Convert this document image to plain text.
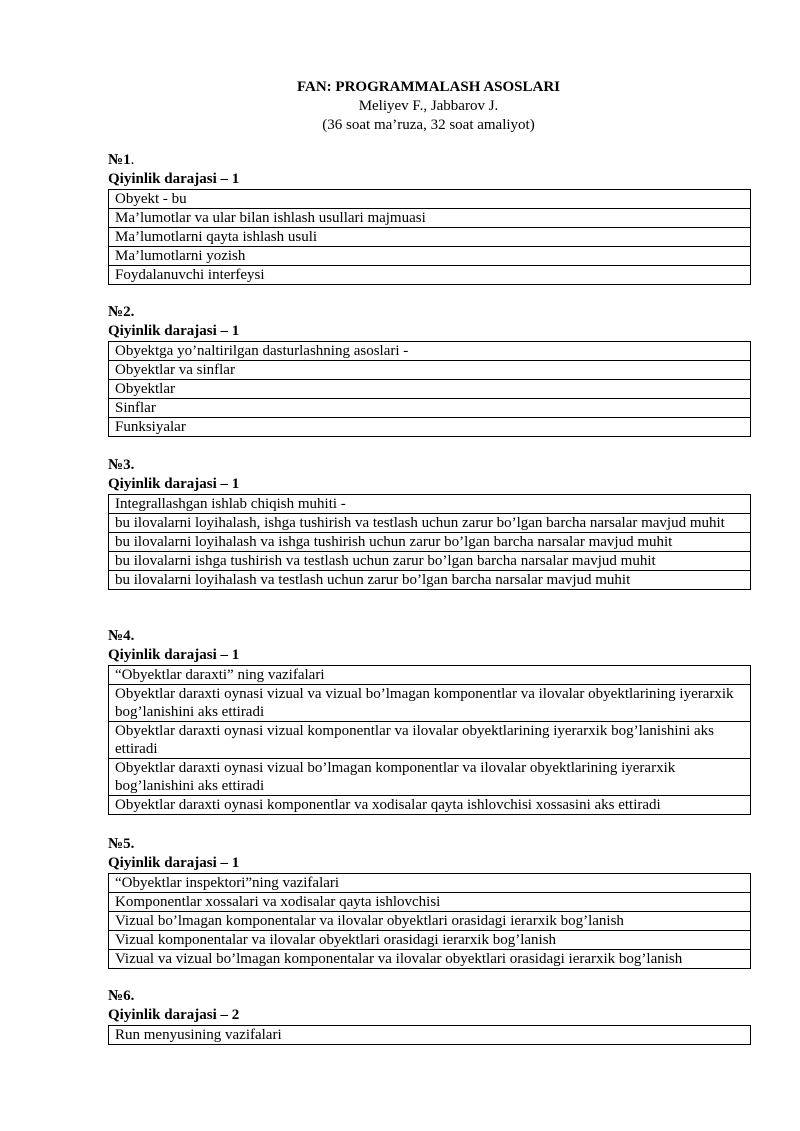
FAN: PROGRAMMALASH ASOSLARI
Meliyev F., Jabbarov J.
(36 soat ma’ruza, 32 soat amaliyot)
№1.
Qiyinlik darajasi – 1
Obyekt - bu
Ma’lumotlar va ular bilan ishlash usullari majmuasi
Ma’lumotlarni qayta ishlash usuli
Ma’lumotlarni yozish
Foydalanuvchi interfeysi
№2.
Qiyinlik darajasi – 1
Obyektga yo’naltirilgan dasturlashning asoslari -
Obyektlar va sinflar
Obyektlar
Sinflar
Funksiyalar
№3.
Qiyinlik darajasi – 1
Integrallashgan ishlab chiqish muhiti -
bu ilovalarni loyihalash, ishga tushirish va testlash uchun zarur bo’lgan barcha narsalar mavjud muhit
bu ilovalarni loyihalash va ishga tushirish uchun zarur bo’lgan barcha narsalar mavjud muhit
bu ilovalarni ishga tushirish va testlash uchun zarur bo’lgan barcha narsalar mavjud muhit
bu ilovalarni loyihalash va testlash uchun zarur bo’lgan barcha narsalar mavjud muhit
№4.
Qiyinlik darajasi – 1
“Obyektlar daraxti” ning vazifalari
Obyektlar daraxti oynasi vizual va vizual bo’lmagan komponentlar va ilovalar obyektlarining iyerarxik bog’lanishini aks ettiradi
Obyektlar daraxti oynasi vizual komponentlar va ilovalar obyektlarining iyerarxik bog’lanishini aks ettiradi
Obyektlar daraxti oynasi vizual bo’lmagan komponentlar va ilovalar obyektlarining iyerarxik bog’lanishini aks ettiradi
Obyektlar daraxti oynasi komponentlar va xodisalar qayta ishlovchisi xossasini aks ettiradi
№5.
Qiyinlik darajasi – 1
“Obyektlar inspektori”ning vazifalari
Komponentlar xossalari va xodisalar qayta ishlovchisi
Vizual bo’lmagan komponentalar va ilovalar obyektlari orasidagi ierarxik bog’lanish
Vizual komponentalar va ilovalar obyektlari orasidagi ierarxik bog’lanish
Vizual va vizual bo’lmagan komponentalar va ilovalar obyektlari orasidagi ierarxik bog’lanish
№6.
Qiyinlik darajasi – 2
Run menyusining vazifalari
